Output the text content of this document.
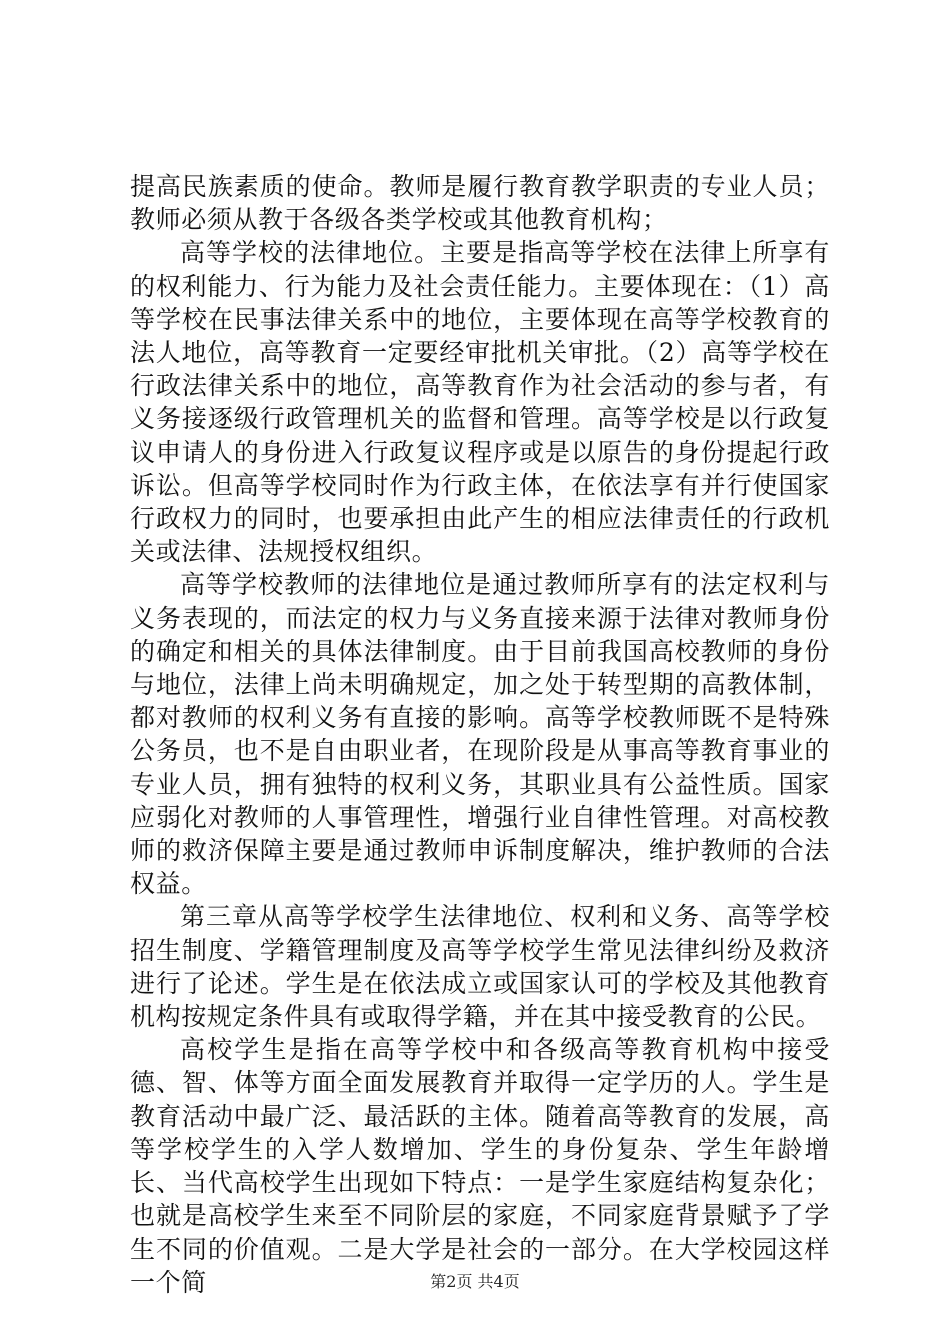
提高民族素质的使命。教师是履行教育教学职责的专业人员；教师必须从教于各级各类学校或其他教育机构；

高等学校的法律地位。主要是指高等学校在法律上所享有的权利能力、行为能力及社会责任能力。主要体现在：（1）高等学校在民事法律关系中的地位，主要体现在高等学校教育的法人地位，高等教育一定要经审批机关审批。（2）高等学校在行政法律关系中的地位，高等教育作为社会活动的参与者，有义务接逐级行政管理机关的监督和管理。高等学校是以行政复议申请人的身份进入行政复议程序或是以原告的身份提起行政诉讼。但高等学校同时作为行政主体，在依法享有并行使国家行政权力的同时，也要承担由此产生的相应法律责任的行政机关或法律、法规授权组织。

高等学校教师的法律地位是通过教师所享有的法定权利与义务表现的，而法定的权力与义务直接来源于法律对教师身份的确定和相关的具体法律制度。由于目前我国高校教师的身份与地位，法律上尚未明确规定，加之处于转型期的高教体制，都对教师的权利义务有直接的影响。高等学校教师既不是特殊公务员，也不是自由职业者，在现阶段是从事高等教育事业的专业人员，拥有独特的权利义务，其职业具有公益性质。国家应弱化对教师的人事管理性，增强行业自律性管理。对高校教师的救济保障主要是通过教师申诉制度解决，维护教师的合法权益。

第三章从高等学校学生法律地位、权利和义务、高等学校招生制度、学籍管理制度及高等学校学生常见法律纠纷及救济进行了论述。学生是在依法成立或国家认可的学校及其他教育机构按规定条件具有或取得学籍，并在其中接受教育的公民。

高校学生是指在高等学校中和各级高等教育机构中接受德、智、体等方面全面发展教育并取得一定学历的人。学生是教育活动中最广泛、最活跃的主体。随着高等教育的发展，高等学校学生的入学人数增加、学生的身份复杂、学生年龄增长、当代高校学生出现如下特点：一是学生家庭结构复杂化；也就是高校学生来至不同阶层的家庭，不同家庭背景赋予了学生不同的价值观。二是大学是社会的一部分。在大学校园这样一个简	第2页 共4页
